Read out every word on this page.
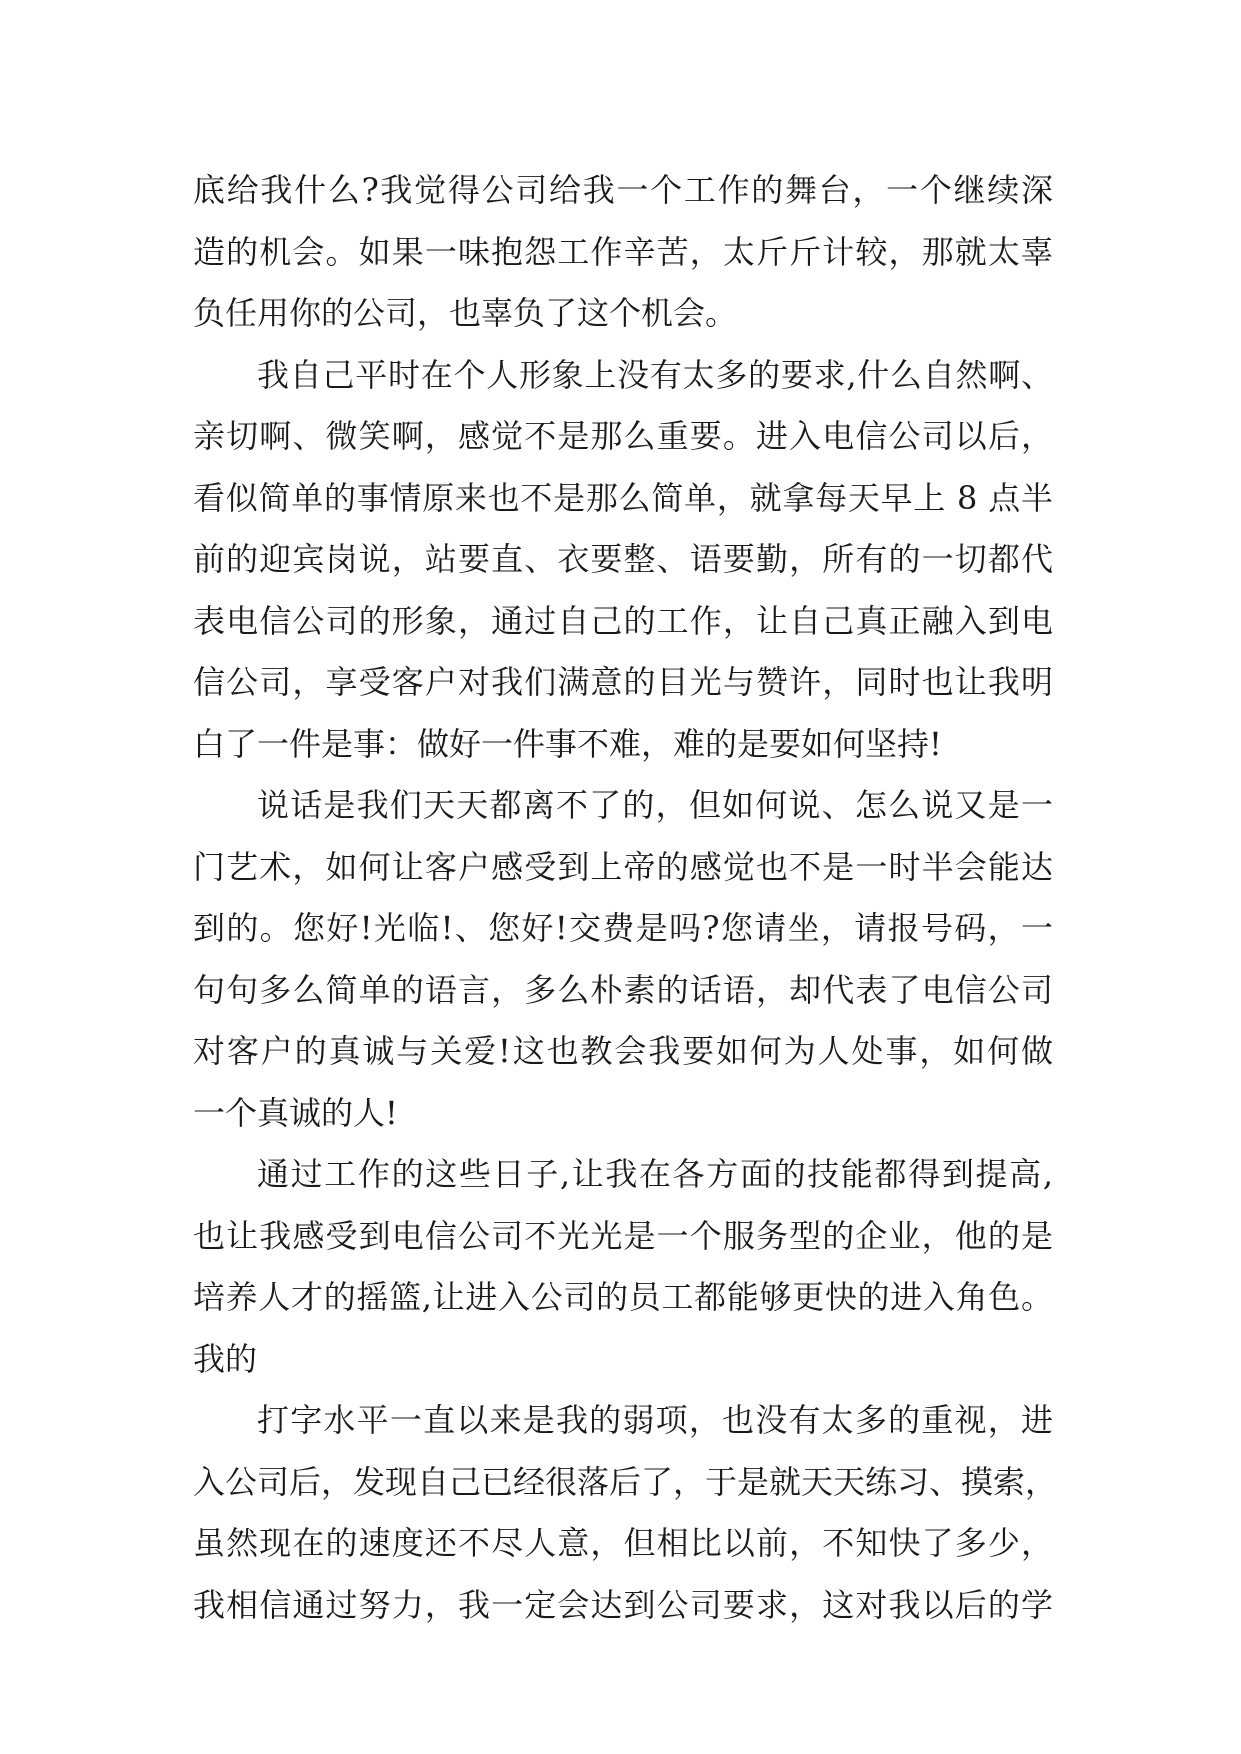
底给我什么?我觉得公司给我一个工作的舞台，一个继续深
造的机会。如果一味抱怨工作辛苦，太斤斤计较，那就太辜
负任用你的公司，也辜负了这个机会。
我自己平时在个人形象上没有太多的要求,什么自然啊、
亲切啊、微笑啊，感觉不是那么重要。进入电信公司以后，
看似简单的事情原来也不是那么简单，就拿每天早上 8 点半
前的迎宾岗说，站要直、衣要整、语要勤，所有的一切都代
表电信公司的形象，通过自己的工作，让自己真正融入到电
信公司，享受客户对我们满意的目光与赞许，同时也让我明
白了一件是事：做好一件事不难，难的是要如何坚持!
说话是我们天天都离不了的，但如何说、怎么说又是一
门艺术，如何让客户感受到上帝的感觉也不是一时半会能达
到的。您好!光临!、您好!交费是吗?您请坐，请报号码，一
句句多么简单的语言，多么朴素的话语，却代表了电信公司
对客户的真诚与关爱!这也教会我要如何为人处事，如何做
一个真诚的人!
通过工作的这些日子,让我在各方面的技能都得到提高,
也让我感受到电信公司不光光是一个服务型的企业，他的是
培养人才的摇篮,让进入公司的员工都能够更快的进入角色。
我的
打字水平一直以来是我的弱项，也没有太多的重视，进
入公司后，发现自己已经很落后了，于是就天天练习、摸索，
虽然现在的速度还不尽人意，但相比以前，不知快了多少，
我相信通过努力，我一定会达到公司要求，这对我以后的学
